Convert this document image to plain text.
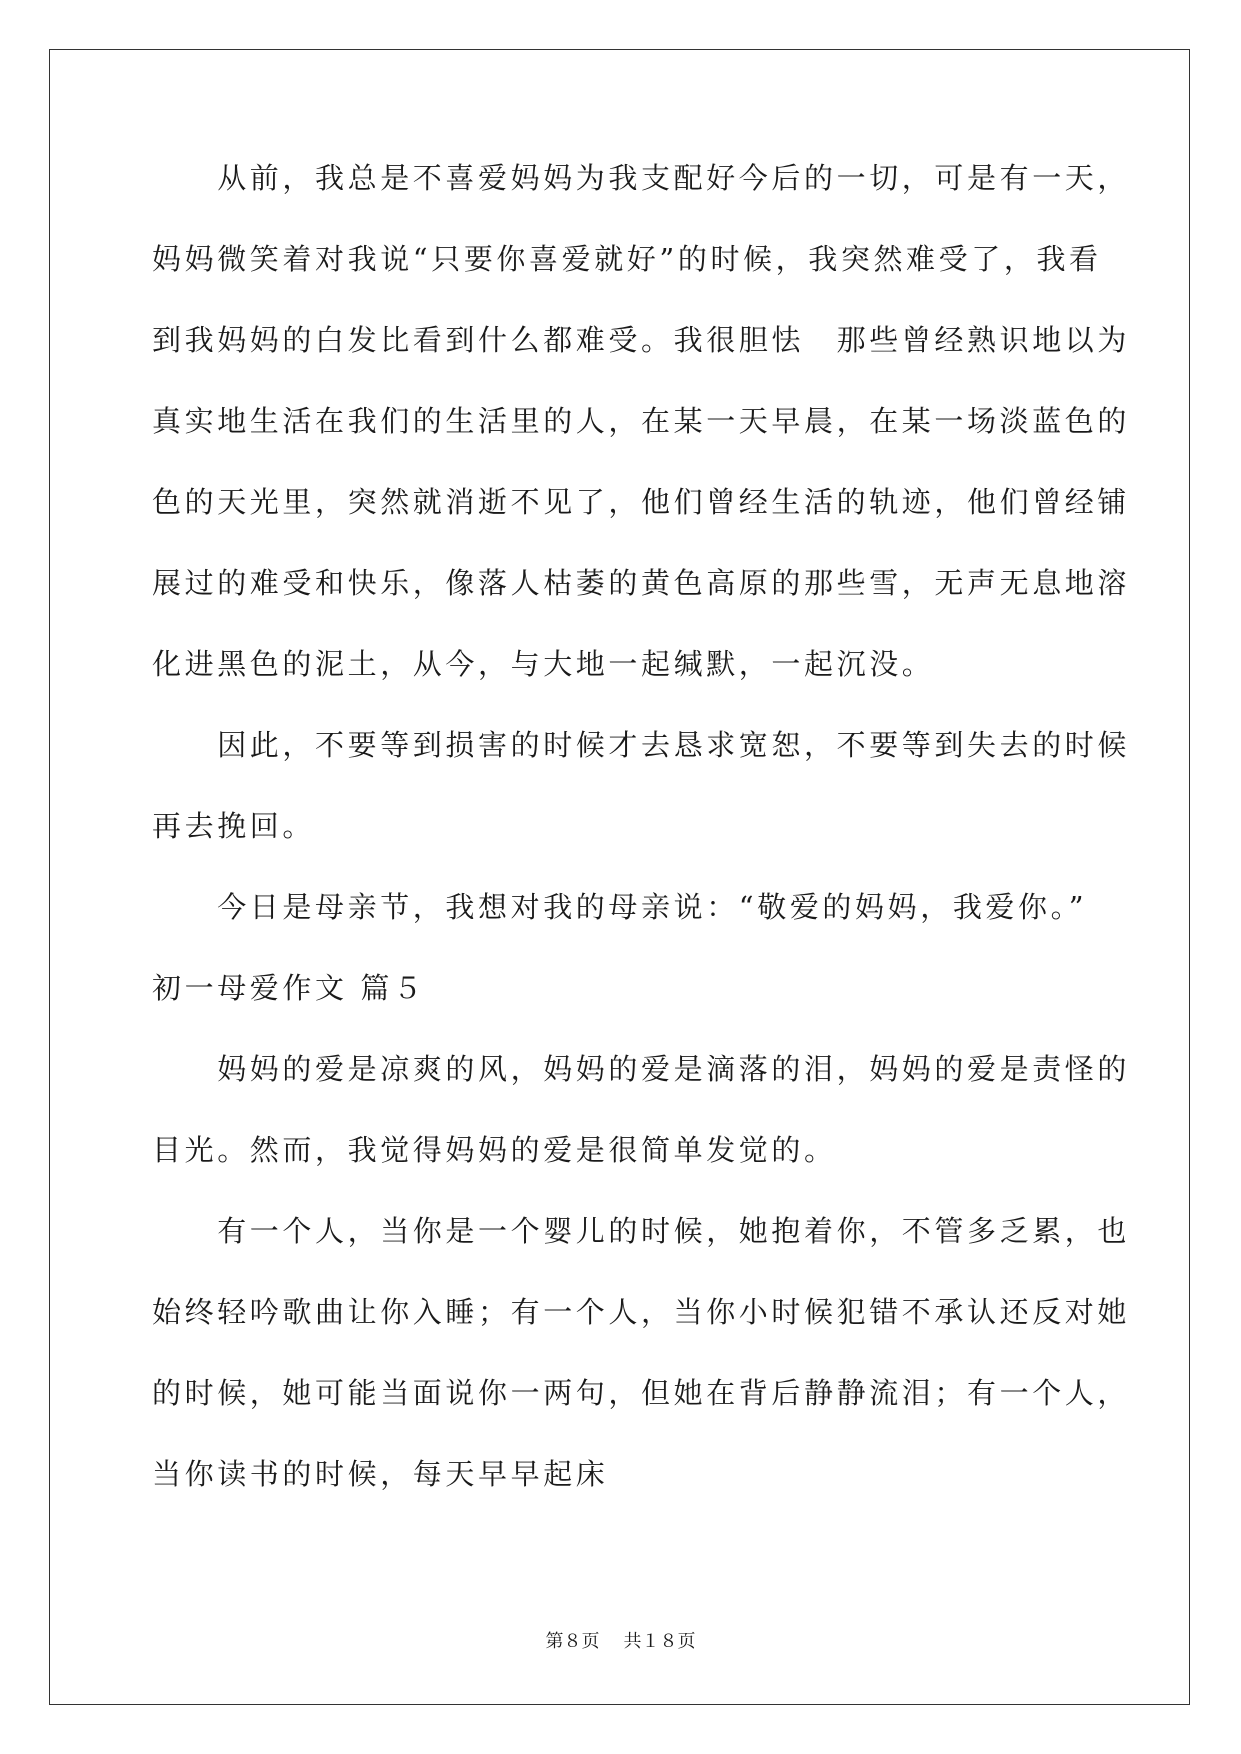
　　从前，我总是不喜爱妈妈为我支配好今后的一切，可是有一天，
妈妈微笑着对我说“只要你喜爱就好”的时候，我突然难受了，我看
到我妈妈的白发比看到什么都难受。我很胆怯　那些曾经熟识地以为
真实地生活在我们的生活里的人，在某一天早晨，在某一场淡蓝色的
色的天光里，突然就消逝不见了，他们曾经生活的轨迹，他们曾经铺
展过的难受和快乐，像落人枯萎的黄色高原的那些雪，无声无息地溶
化进黑色的泥土，从今，与大地一起缄默，一起沉没。
　　因此，不要等到损害的时候才去恳求宽恕，不要等到失去的时候
再去挽回。
　　今日是母亲节，我想对我的母亲说：“敬爱的妈妈，我爱你。”
初一母爱作文 篇５
　　妈妈的爱是凉爽的风，妈妈的爱是滴落的泪，妈妈的爱是责怪的
目光。然而，我觉得妈妈的爱是很简单发觉的。
　　有一个人，当你是一个婴儿的时候，她抱着你，不管多乏累，也
始终轻吟歌曲让你入睡；有一个人，当你小时候犯错不承认还反对她
的时候，她可能当面说你一两句，但她在背后静静流泪；有一个人，
当你读书的时候，每天早早起床
第８页 共１８页
